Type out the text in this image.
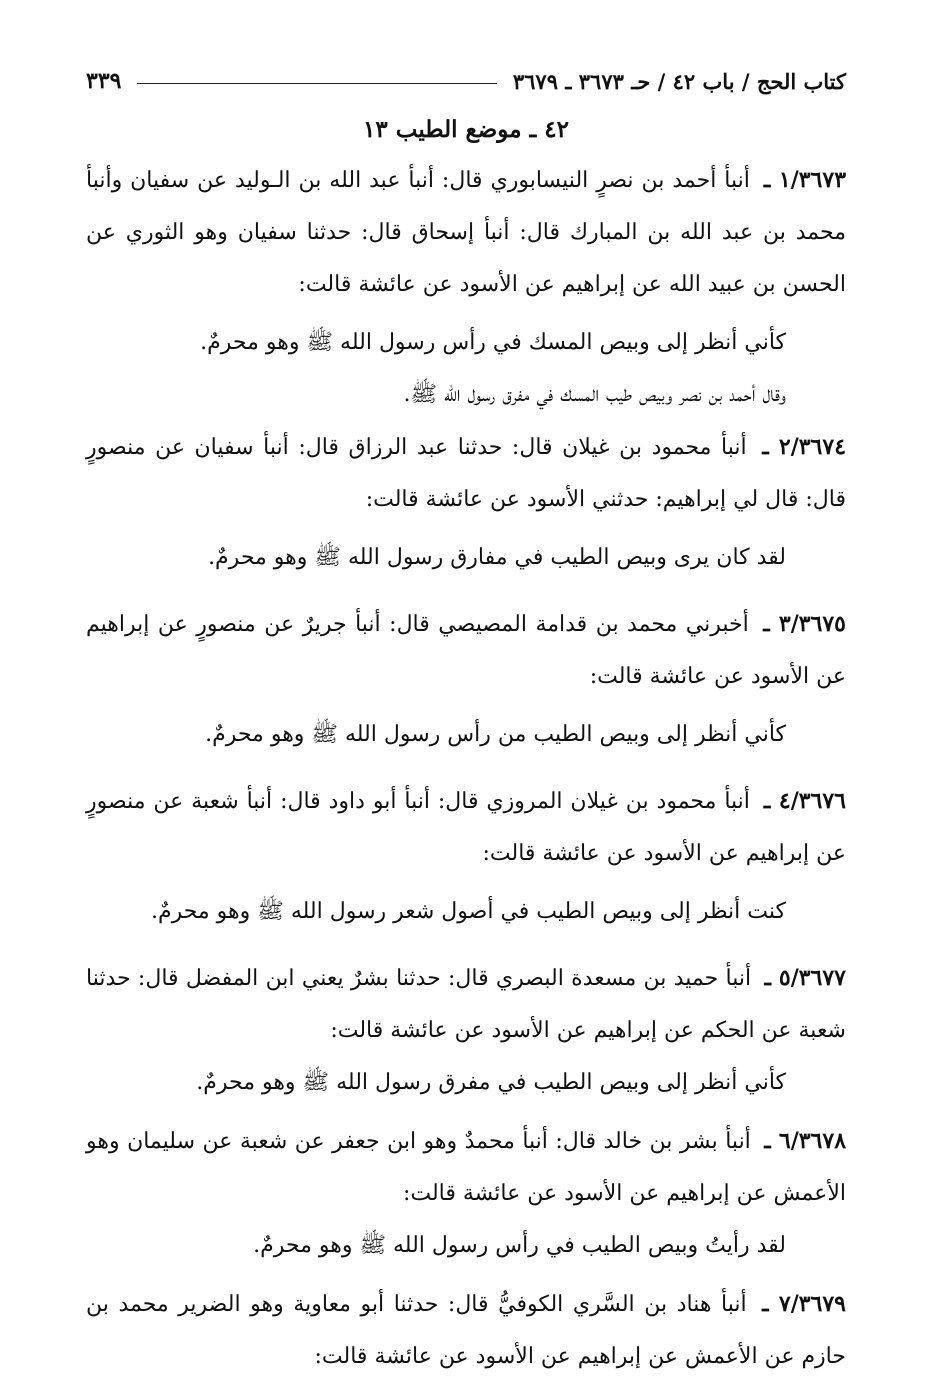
كتاب الحج / باب ٤٢ / حـ ٣٦٧٣ ـ ٣٦٧٩
٣٣٩
٤٢ ـ موضع الطيب ١٣

١/٣٦٧٣ ـ أنبأ أحمد بن نصرٍ النيسابوري قال: أنبأ عبد الله بن الـوليد عن سفيان وأنبأ محمد بن عبد الله بن المبارك قال: أنبأ إسحاق قال: حدثنا سفيان وهو الثوري عن الحسن بن عبيد الله عن إبراهيم عن الأسود عن عائشة قالت:

كأني أنظر إلى وبيص المسك في رأس رسول الله ﷺ وهو محرمٌ.

وقال أحمد بن نصر وبيص طيب المسك في مفرق رسول الله ﷺ.

٢/٣٦٧٤ ـ أنبأ محمود بن غيلان قال: حدثنا عبد الرزاق قال: أنبأ سفيان عن منصورٍ قال: قال لي إبراهيم: حدثني الأسود عن عائشة قالت:

لقد كان يرى وبيص الطيب في مفارق رسول الله ﷺ وهو محرمٌ.

٣/٣٦٧٥ ـ أخبرني محمد بن قدامة المصيصي قال: أنبأ جريرٌ عن منصورٍ عن إبراهيم عن الأسود عن عائشة قالت:

كأني أنظر إلى وبيص الطيب من رأس رسول الله ﷺ وهو محرمٌ.

٤/٣٦٧٦ ـ أنبأ محمود بن غيلان المروزي قال: أنبأ أبو داود قال: أنبأ شعبة عن منصورٍ عن إبراهيم عن الأسود عن عائشة قالت:

كنت أنظر إلى وبيص الطيب في أصول شعر رسول الله ﷺ وهو محرمٌ.

٥/٣٦٧٧ ـ أنبأ حميد بن مسعدة البصري قال: حدثنا بشرٌ يعني ابن المفضل قال: حدثنا شعبة عن الحكم عن إبراهيم عن الأسود عن عائشة قالت:

كأني أنظر إلى وبيص الطيب في مفرق رسول الله ﷺ وهو محرمٌ.

٦/٣٦٧٨ ـ أنبأ بشر بن خالد قال: أنبأ محمدٌ وهو ابن جعفر عن شعبة عن سليمان وهو الأعمش عن إبراهيم عن الأسود عن عائشة قالت:

لقد رأيتُ وبيص الطيب في رأس رسول الله ﷺ وهو محرمٌ.

٧/٣٦٧٩ ـ أنبأ هناد بن السَّري الكوفيُّ قال: حدثنا أبو معاوية وهو الضرير محمد بن حازم عن الأعمش عن إبراهيم عن الأسود عن عائشة قالت:
